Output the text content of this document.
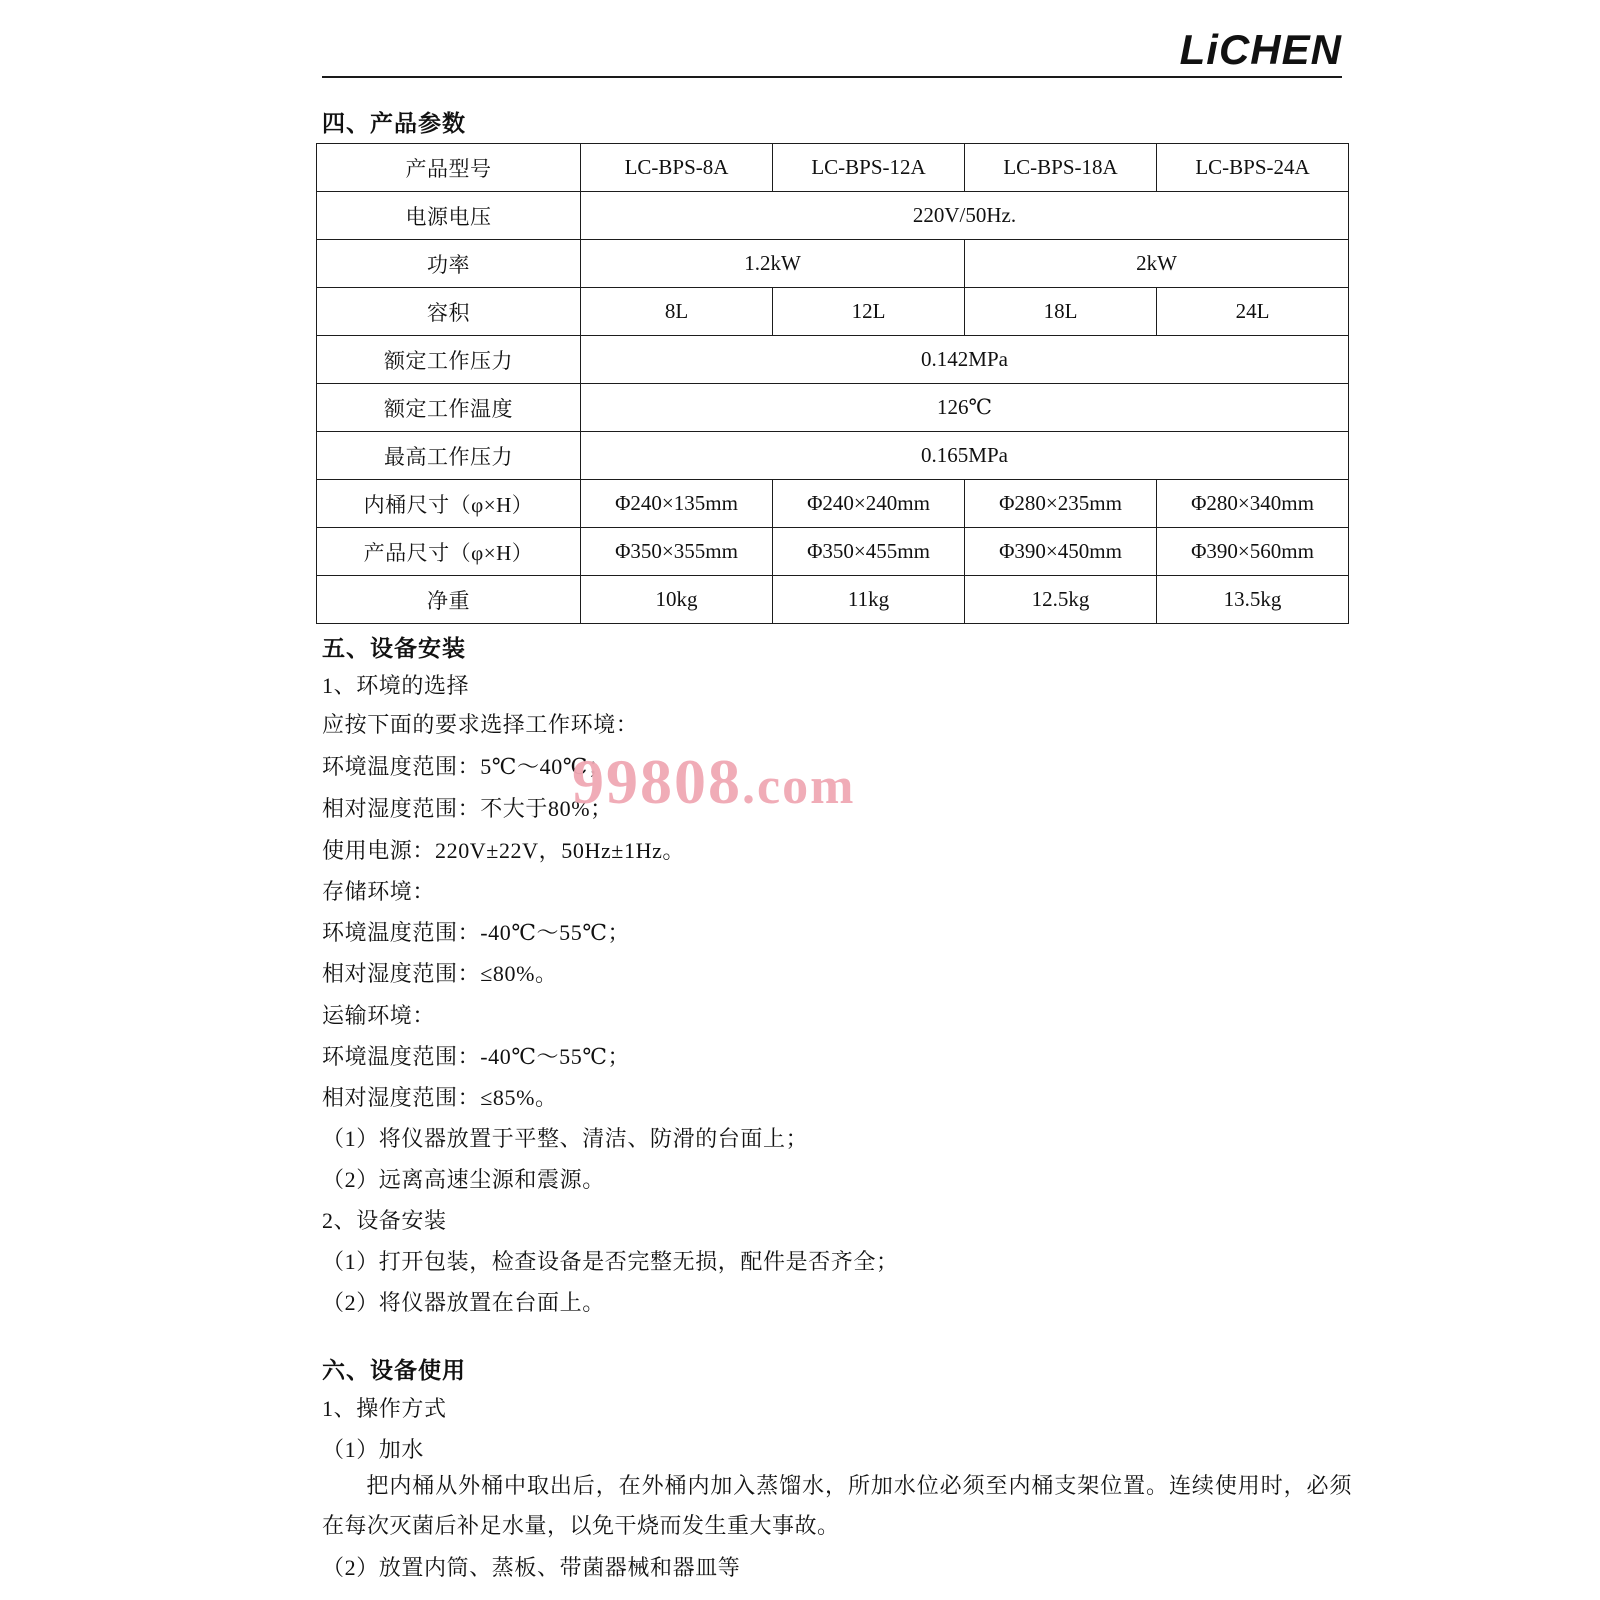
LiCHEN
四、产品参数
产品型号	LC-BPS-8A	LC-BPS-12A	LC-BPS-18A	LC-BPS-24A
电源电压	220V/50Hz.			
功率	1.2kW		2kW	
容积	8L	12L	18L	24L
额定工作压力	0.142MPa			
额定工作温度	126℃			
最高工作压力	0.165MPa			
内桶尺寸（φ×H）	Φ240×135mm	Φ240×240mm	Φ280×235mm	Φ280×340mm
产品尺寸（φ×H）	Φ350×355mm	Φ350×455mm	Φ390×450mm	Φ390×560mm
净重	10kg	11kg	12.5kg	13.5kg
五、设备安装
1、环境的选择
应按下面的要求选择工作环境：
环境温度范围：5℃～40℃；
相对湿度范围：不大于80%；
使用电源：220V±22V，50Hz±1Hz。
存储环境：
环境温度范围：-40℃～55℃；
相对湿度范围：≤80%。
运输环境：
环境温度范围：-40℃～55℃；
相对湿度范围：≤85%。
（1）将仪器放置于平整、清洁、防滑的台面上；
（2）远离高速尘源和震源。
2、设备安装
（1）打开包装，检查设备是否完整无损，配件是否齐全；
（2）将仪器放置在台面上。
六、设备使用
1、操作方式
（1）加水
把内桶从外桶中取出后，在外桶内加入蒸馏水，所加水位必须至内桶支架位置。连续使用时，必须在每次灭菌后补足水量，以免干烧而发生重大事故。
（2）放置内筒、蒸板、带菌器械和器皿等
99808.com
